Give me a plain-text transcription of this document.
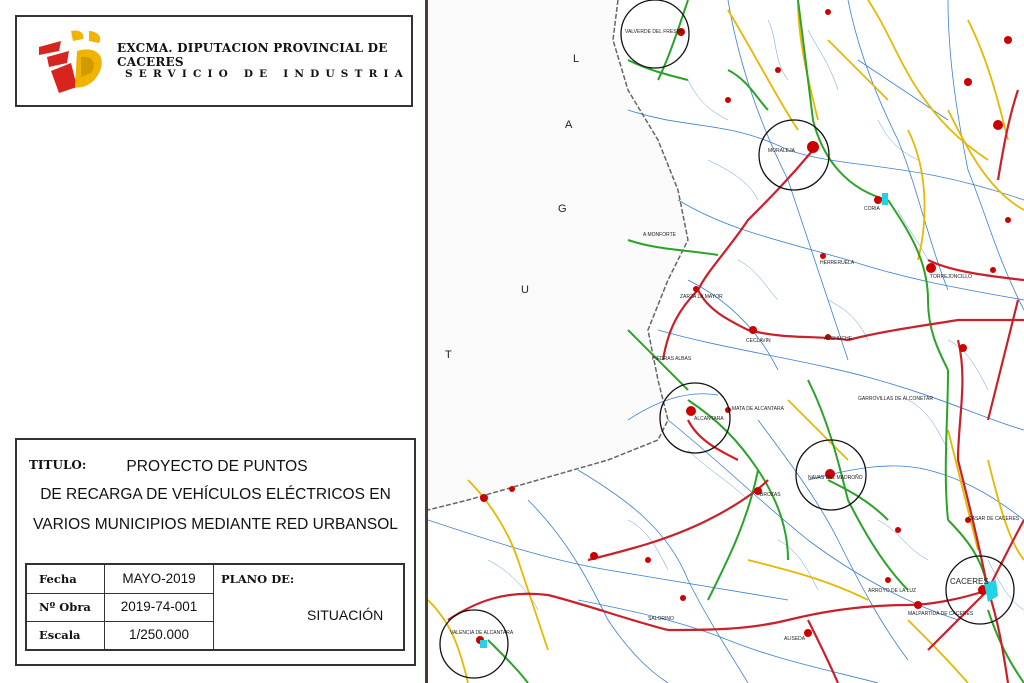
EXCMA. DIPUTACION PROVINCIAL DE CACERES
SERVICIO DE INDUSTRIA
TITULO:	PROYECTO DE PUNTOS
DE RECARGA DE VEHÍCULOS ELÉCTRICOS EN
VARIOS MUNICIPIOS MEDIANTE RED URBANSOL
Fecha	MAYO-2019
Nº Obra	2019-74-001
Escala	1/250.000
PLANO DE:
SITUACIÓN
L
A
G
U
T
VALVERDE DEL FRESNO
MORALEJA
ALCANTARA
NAVAS DEL MADROÑO
CACERES
VALENCIA DE ALCANTARA
CORIA
CECLAVIN
BROZAS
TORREJONCILLO
MALPARTIDA DE CACERES
ARROYO DE LA LUZ
ALISEDA
GARROVILLAS DE ALCONETAR
PIEDRAS ALBAS
MATA DE ALCANTARA
CASAR DE CACERES
SALORINO
ACEHUCHE
ZARZA LA MAYOR
HERRERUELA
A MONFORTE
